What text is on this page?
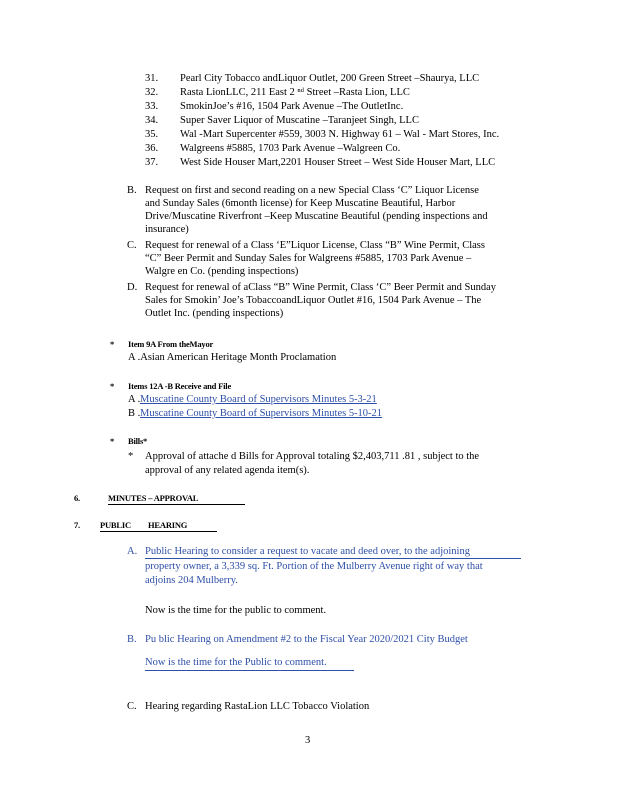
31. Pearl City Tobacco andLiquor Outlet, 200 Green Street –Shaurya, LLC
32. Rasta LionLLC, 211 East 2 ⁿᵈ Street –Rasta Lion, LLC
33. SmokinJoe’s #16, 1504 Park Avenue –The OutletInc.
34. Super Saver Liquor of Muscatine –Taranjeet Singh, LLC
35. Wal -Mart Supercenter #559, 3003 N. Highway 61 – Wal - Mart Stores, Inc.
36. Walgreens #5885, 1703 Park Avenue –Walgreen Co.
37. West Side Houser Mart,2201 Houser Street – West Side Houser Mart, LLC
B. Request on first and second reading on a new Special Class ‘C” Liquor License
and Sunday Sales (6month license) for Keep Muscatine Beautiful, Harbor
Drive/Muscatine Riverfront –Keep Muscatine Beautiful (pending inspections and
insurance)
C. Request for renewal of a Class ‘E”Liquor License, Class “B” Wine Permit, Class
“C” Beer Permit and Sunday Sales for Walgreens #5885, 1703 Park Avenue –
Walgre en Co. (pending inspections)
D. Request for renewal of aClass “B” Wine Permit, Class ‘C” Beer Permit and Sunday
Sales for Smokin’ Joe’s TobaccoandLiquor Outlet #16, 1504 Park Avenue – The
Outlet Inc. (pending inspections)
* Item 9A From theMayor
A .Asian American Heritage Month Proclamation
* Items 12A -B Receive and File
A . Muscatine County Board of Supervisors Minutes 5-3-21
B . Muscatine County Board of Supervisors Minutes 5-10-21
* Bills*
* Approval of attache d Bills for Approval totaling $2,403,711 .81 , subject to the
approval of any related agenda item(s).
6.	MINUTES – APPROVAL
7. PUBLIC HEARING
A. Public Hearing to consider a request to vacate and deed over, to the adjoining
property owner, a 3,339 sq. Ft. Portion of the Mulberry Avenue right of way that
adjoins 204 Mulberry.
Now is the time for the public to comment.
B. Pu blic Hearing on Amendment #2 to the Fiscal Year 2020/2021 City Budget
Now is the time for the Public to comment.
C. Hearing regarding RastaLion LLC Tobacco Violation
3
